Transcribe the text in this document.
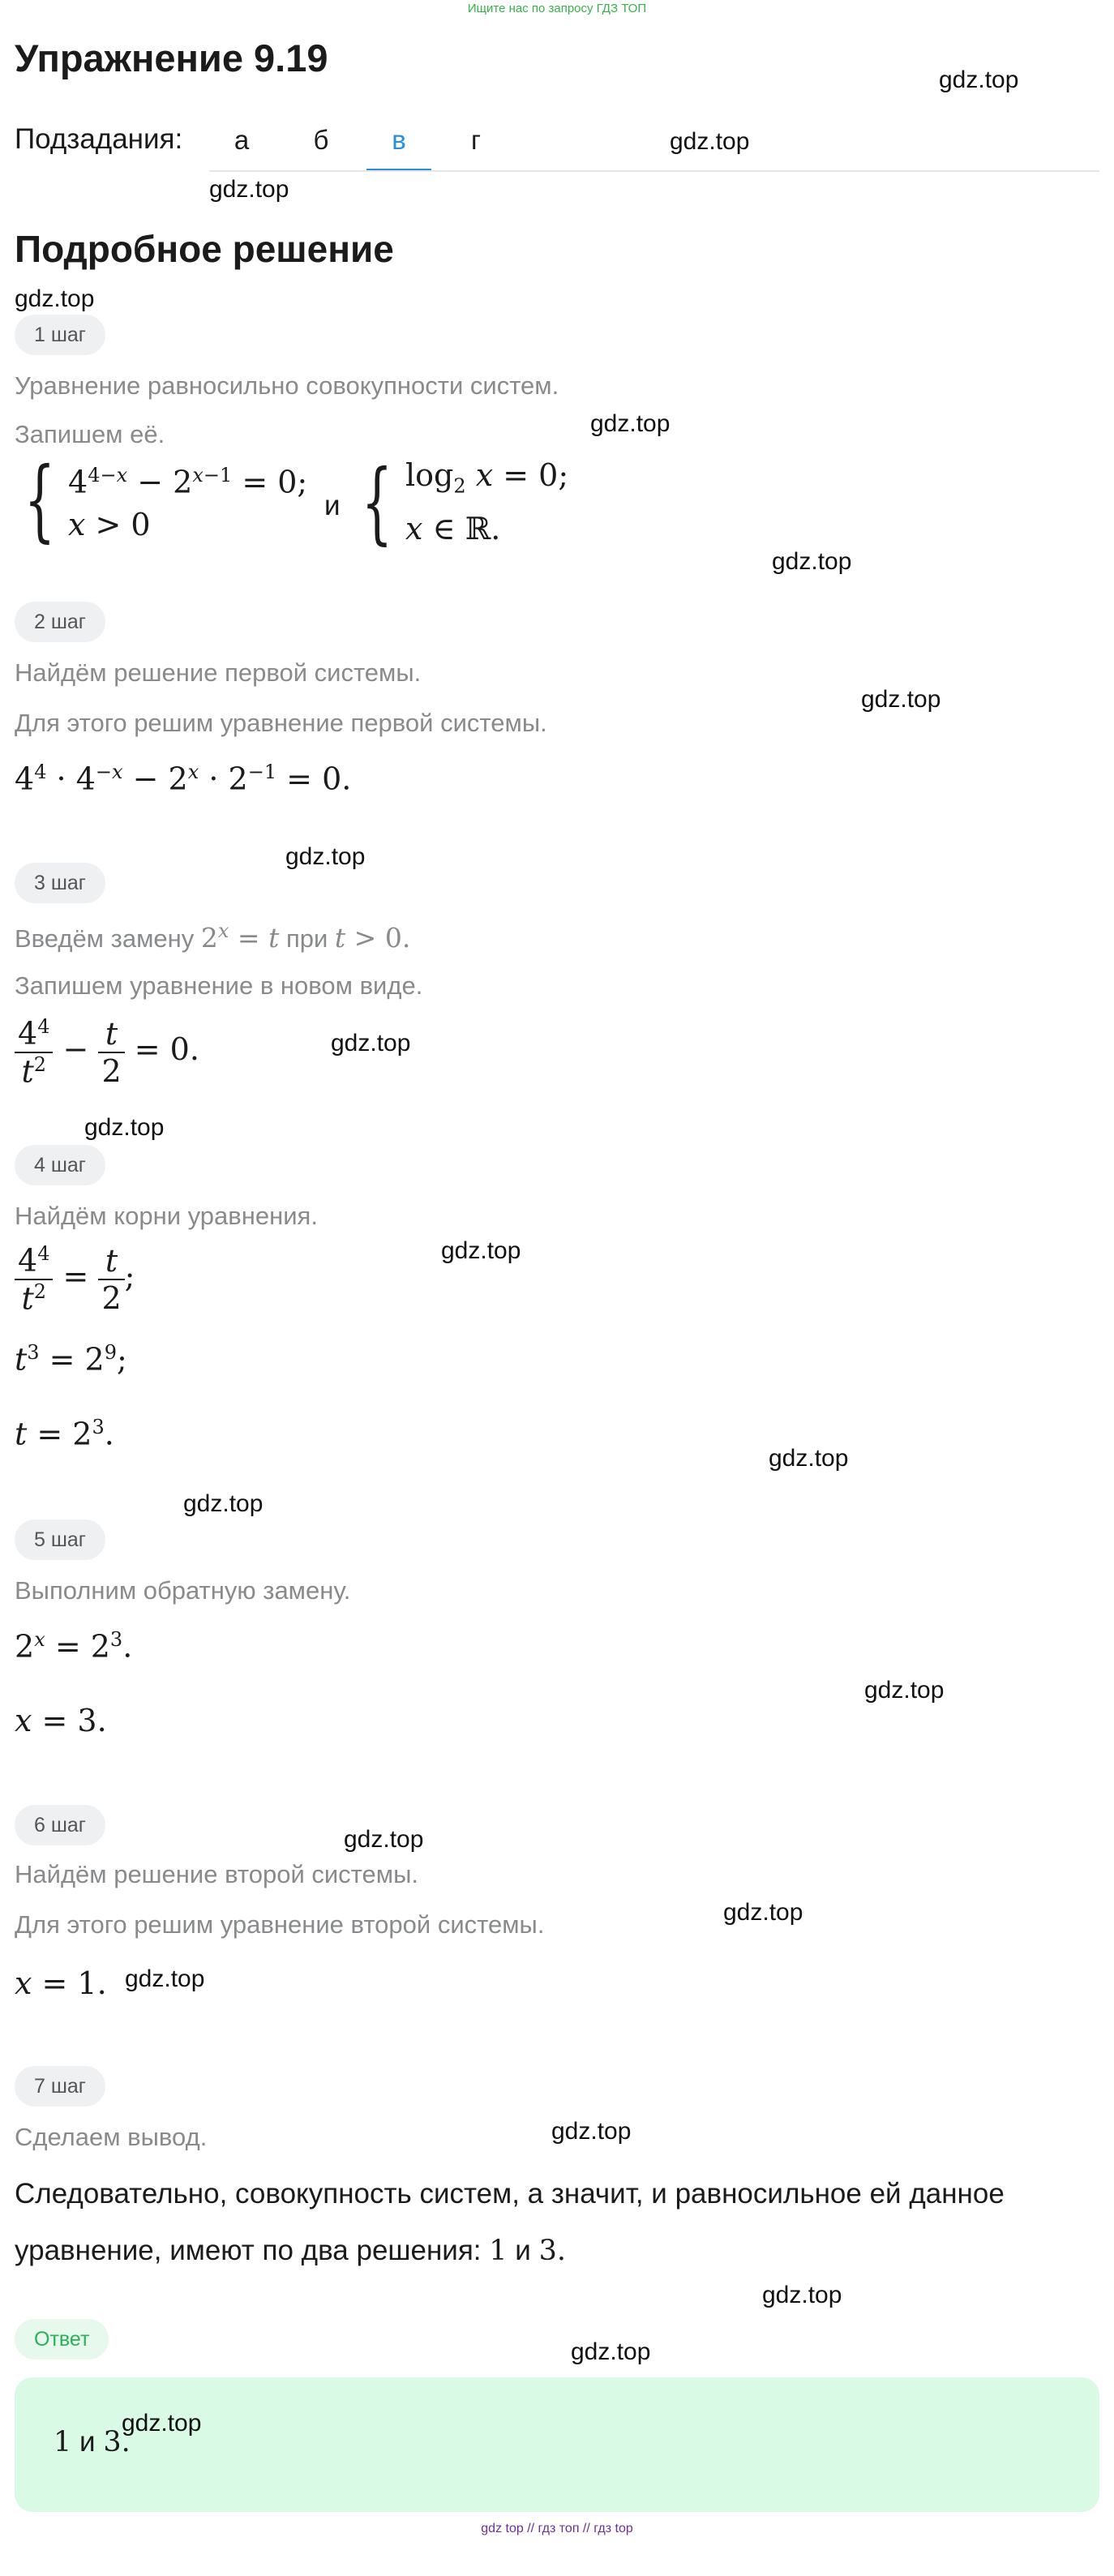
Ищите нас по запросу ГДЗ ТОП
Упражнение 9.19
gdz.top
Подзадания:	а	б	в	г	gdz.top
gdz.top
Подробное решение
gdz.top
1 шаг
Уравнение равносильно совокупности систем.
Запишем её.	gdz.top
{ $4^{4-x} - 2^{x-1} = 0$;
x > 0
и { $\log_2 x = 0$;
x ∈ ℝ.
gdz.top
2 шаг
Найдём решение первой системы.
Для этого решим уравнение первой системы.
gdz.top
$4^4 \cdot 4^{-x} - 2^x \cdot 2^{-1} = 0$.
gdz.top
3 шаг
Введём замену $2^x = t$ при t > 0.
Запишем уравнение в новом виде.
$\frac{4^4}{t^2} - \frac{t}{2} = 0$.	gdz.top
gdz.top
4 шаг
Найдём корни уравнения.
$\frac{4^4}{t^2} = \frac{t}{2}$ ;
gdz.top
$t^3 = 2^9$;
$t = 2^3$.
gdz.top
gdz.top
5 шаг
Выполним обратную замену.
$2^x = 2^3$.
gdz.top
x = 3.
6 шаг
gdz.top
Найдём решение второй системы.
Для этого решим уравнение второй системы.	gdz.top
x = 1. gdz.top
7 шаг
Сделаем вывод.	gdz.top
Следовательно, совокупность систем, а значит, и равносильное ей данное
уравнение, имеют по два решения: 1 и 3.
gdz.top
Ответ	gdz.top
1 и 3.
gdz.top
gdz top // гдз топ // гдз top
